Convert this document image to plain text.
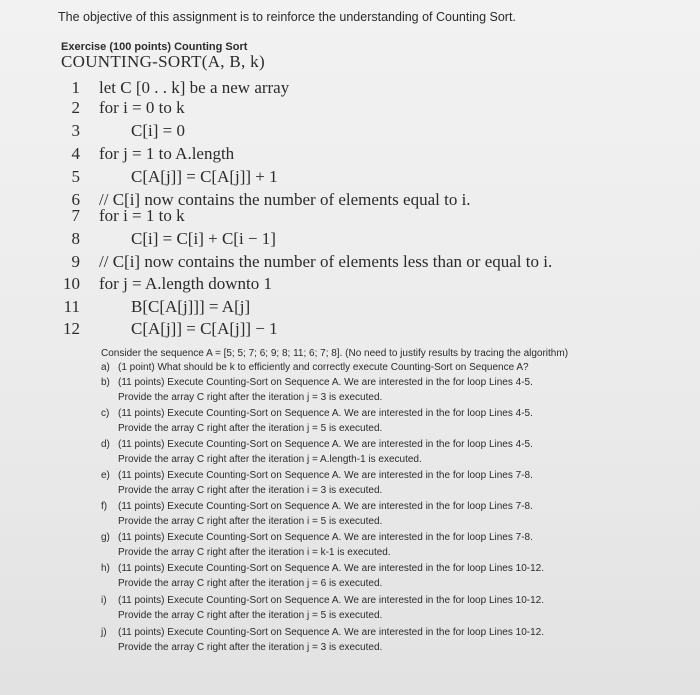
The objective of this assignment is to reinforce the understanding of Counting Sort.
Exercise (100 points) Counting Sort
COUNTING-SORT(A, B, k)
1 let C [0 . . k] be a new array
2 for i = 0 to k
3	C[i] = 0
4 for j = 1 to A.length
5	C[A[j]] = C[A[j]] + 1
6 // C[i] now contains the number of elements equal to i.
7 for i = 1 to k
8	C[i] = C[i] + C[i − 1]
9 // C[i] now contains the number of elements less than or equal to i.
10 for j = A.length downto 1
11	B[C[A[j]]] = A[j]
12	C[A[j]] = C[A[j]] − 1
Consider the sequence A = [5; 5; 7; 6; 9; 8; 11; 6; 7; 8]. (No need to justify results by tracing the algorithm)
a) (1 point) What should be k to efficiently and correctly execute Counting-Sort on Sequence A?
b) (11 points) Execute Counting-Sort on Sequence A. We are interested in the for loop Lines 4-5.
Provide the array C right after the iteration j = 3 is executed.
c) (11 points) Execute Counting-Sort on Sequence A. We are interested in the for loop Lines 4-5.
Provide the array C right after the iteration j = 5 is executed.
d) (11 points) Execute Counting-Sort on Sequence A. We are interested in the for loop Lines 4-5.
Provide the array C right after the iteration j = A.length-1 is executed.
e) (11 points) Execute Counting-Sort on Sequence A. We are interested in the for loop Lines 7-8.
Provide the array C right after the iteration i = 3 is executed.
f) (11 points) Execute Counting-Sort on Sequence A. We are interested in the for loop Lines 7-8.
Provide the array C right after the iteration i = 5 is executed.
g) (11 points) Execute Counting-Sort on Sequence A. We are interested in the for loop Lines 7-8.
Provide the array C right after the iteration i = k-1 is executed.
h) (11 points) Execute Counting-Sort on Sequence A. We are interested in the for loop Lines 10-12.
Provide the array C right after the iteration j = 6 is executed.
i) (11 points) Execute Counting-Sort on Sequence A. We are interested in the for loop Lines 10-12.
Provide the array C right after the iteration j = 5 is executed.
j) (11 points) Execute Counting-Sort on Sequence A. We are interested in the for loop Lines 10-12.
Provide the array C right after the iteration j = 3 is executed.
